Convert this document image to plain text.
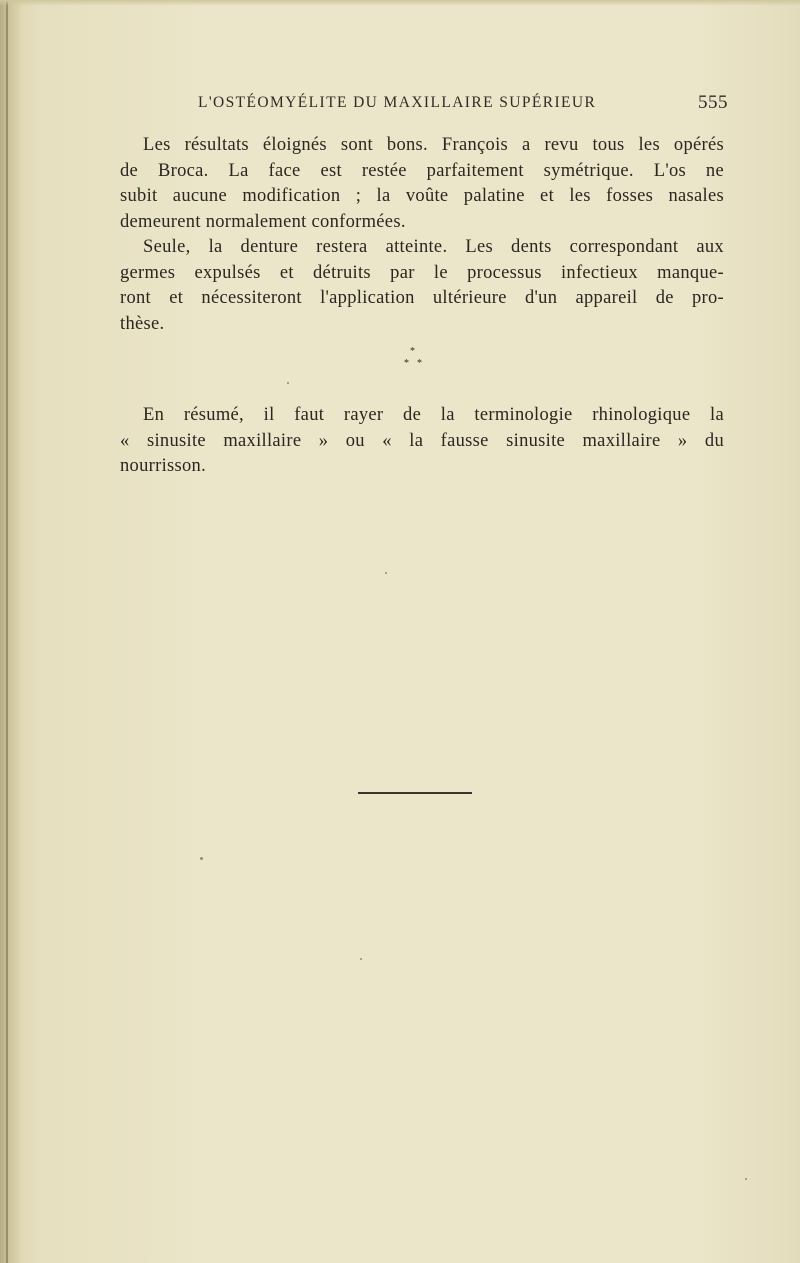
L'OSTÉOMYÉLITE DU MAXILLAIRE SUPÉRIEUR	555
Les résultats éloignés sont bons. François a revu tous les opérés
de Broca. La face est restée parfaitement symétrique. L'os ne
subit aucune modification ; la voûte palatine et les fosses nasales
demeurent normalement conformées.
Seule, la denture restera atteinte. Les dents correspondant aux
germes expulsés et détruits par le processus infectieux manque-
ront et nécessiteront l'application ultérieure d'un appareil de pro-
thèse.
*
* *
En résumé, il faut rayer de la terminologie rhinologique la
« sinusite maxillaire » ou « la fausse sinusite maxillaire » du
nourrisson.
